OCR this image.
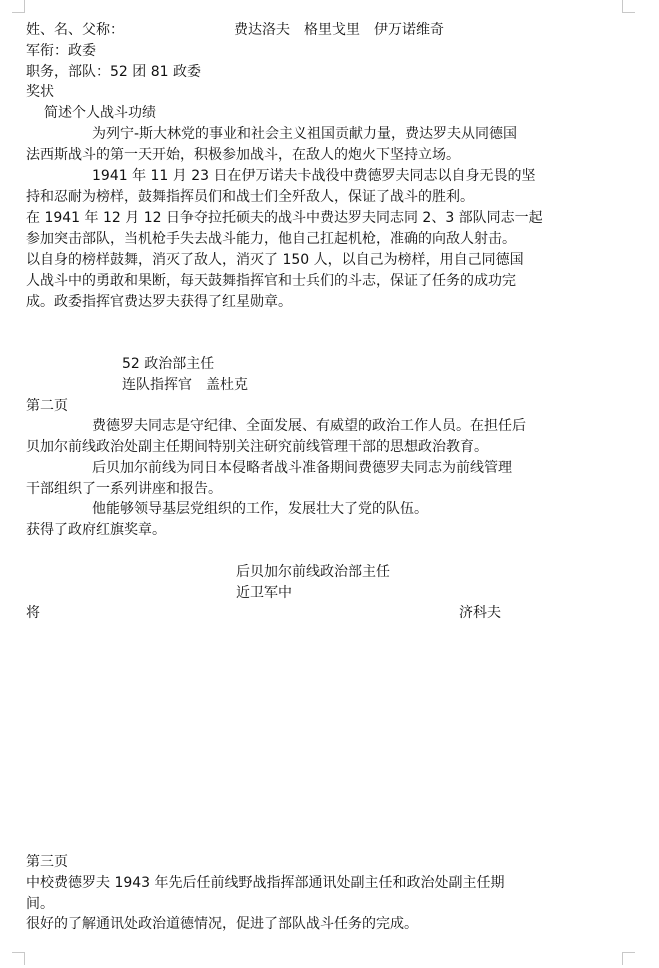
姓、名、父称：	费达洛夫　格里戈里　伊万诺维奇

军衔：政委

职务，部队：52 团 81 政委

奖状

简述个人战斗功绩

为列宁-斯大林党的事业和社会主义祖国贡献力量，费达罗夫从同德国

法西斯战斗的第一天开始，积极参加战斗，在敌人的炮火下坚持立场。

1941 年 11 月 23 日在伊万诺夫卡战役中费德罗夫同志以自身无畏的坚

持和忍耐为榜样，鼓舞指挥员们和战士们全歼敌人，保证了战斗的胜利。

在 1941 年 12 月 12 日争夺拉托硕夫的战斗中费达罗夫同志同 2、3 部队同志一起

参加突击部队，当机枪手失去战斗能力，他自己扛起机枪，准确的向敌人射击。

以自身的榜样鼓舞，消灭了敌人，消灭了 150 人，以自己为榜样，用自己同德国

人战斗中的勇敢和果断，每天鼓舞指挥官和士兵们的斗志，保证了任务的成功完

成。政委指挥官费达罗夫获得了红星勋章。

52 政治部主任

连队指挥官　盖杜克

第二页

费德罗夫同志是守纪律、全面发展、有威望的政治工作人员。在担任后

贝加尔前线政治处副主任期间特别关注研究前线管理干部的思想政治教育。

后贝加尔前线为同日本侵略者战斗准备期间费德罗夫同志为前线管理

干部组织了一系列讲座和报告。

他能够领导基层党组织的工作，发展壮大了党的队伍。

获得了政府红旗奖章。

后贝加尔前线政治部主任

近卫军中

将	济科夫

第三页

中校费德罗夫 1943 年先后任前线野战指挥部通讯处副主任和政治处副主任期

间。

很好的了解通讯处政治道德情况，促进了部队战斗任务的完成。
